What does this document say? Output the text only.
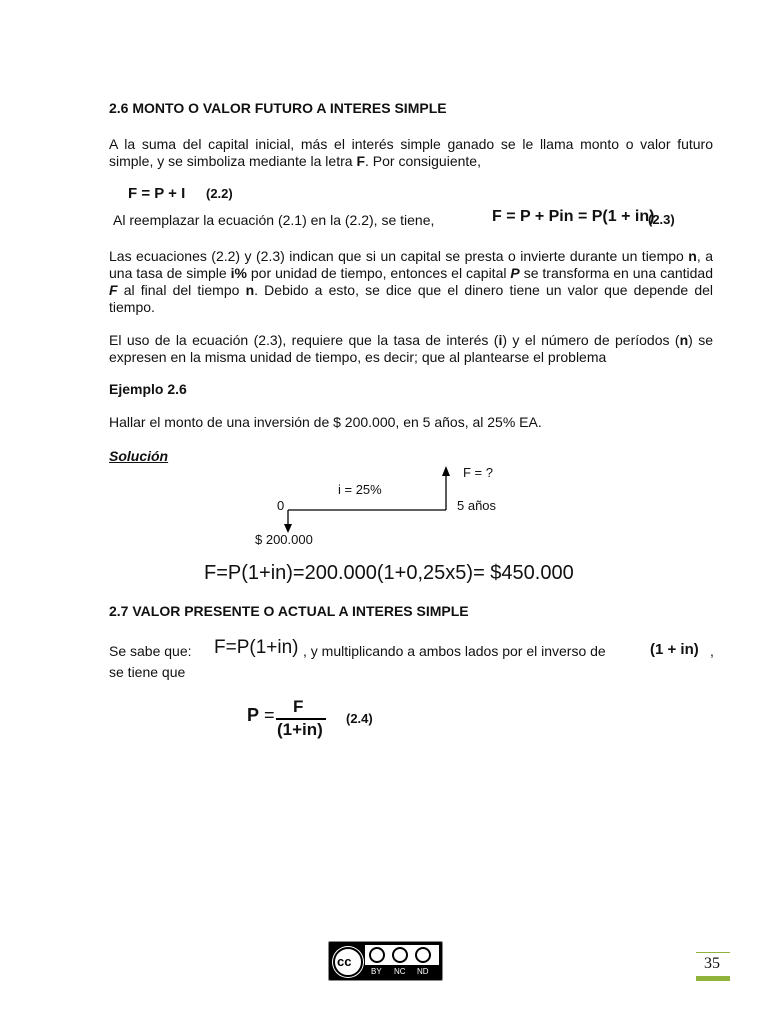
2.6 MONTO O VALOR FUTURO A INTERES SIMPLE
A la suma del capital inicial, más el interés simple ganado se le llama monto o valor futuro simple, y se simboliza mediante la letra F. Por consiguiente,
F = P + I (2.2)
Al reemplazar la ecuación (2.1) en la (2.2), se tiene,	F = P + Pin = P(1 + in)
(2.3)
Las ecuaciones (2.2) y (2.3) indican que si un capital se presta o invierte durante un tiempo n, a una tasa de simple i% por unidad de tiempo, entonces el capital P se transforma en una cantidad F al final del tiempo n. Debido a esto, se dice que el dinero tiene un valor que depende del tiempo.
El uso de la ecuación (2.3), requiere que la tasa de interés (i) y el número de períodos (n) se expresen en la misma unidad de tiempo, es decir; que al plantearse el problema
Ejemplo 2.6
Hallar el monto de una inversión de $ 200.000, en 5 años, al 25% EA.
Solución
F = ?
i = 25%
0	5 años
$ 200.000
F=P(1+in)=200.000(1+0,25x5)= $450.000
2.7 VALOR PRESENTE O ACTUAL A INTERES SIMPLE
Se sabe que: F=P(1+in) , y multiplicando a ambos lados por el inverso de	(1 + in) ,
se tiene que
P = F
(1+in)
(2.4)
cc
BY NC ND	35
